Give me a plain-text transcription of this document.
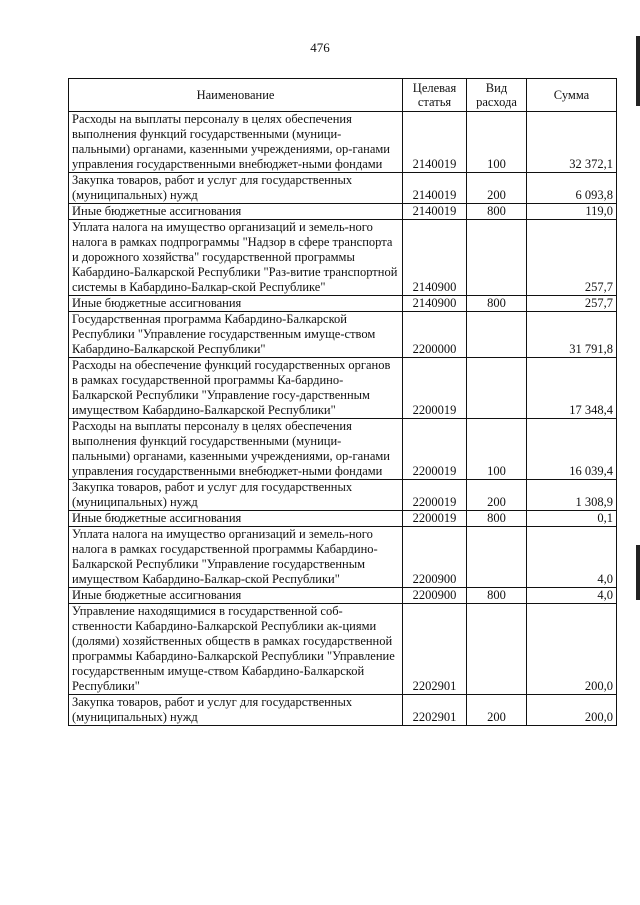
476
Наименование	Целевая статья	Вид расхода	Сумма
Расходы на выплаты персоналу в целях обеспечения выполнения функций государственными (муници-пальными) органами, казенными учреждениями, ор-ганами управления государственными внебюджет-ными фондами	2140019	100	32 372,1
Закупка товаров, работ и услуг для государственных (муниципальных) нужд	2140019	200	6 093,8
Иные бюджетные ассигнования	2140019	800	119,0
Уплата налога на имущество организаций и земель-ного налога в рамках подпрограммы "Надзор в сфере транспорта и дорожного хозяйства" государственной программы Кабардино-Балкарской Республики "Раз-витие транспортной системы в Кабардино-Балкар-ской Республике"	2140900		257,7
Иные бюджетные ассигнования	2140900	800	257,7
Государственная программа Кабардино-Балкарской Республики "Управление государственным имуще-ством Кабардино-Балкарской Республики"	2200000		31 791,8
Расходы на обеспечение функций государственных органов в рамках государственной программы Ка-бардино-Балкарской Республики "Управление госу-дарственным имуществом Кабардино-Балкарской Республики"	2200019		17 348,4
Расходы на выплаты персоналу в целях обеспечения выполнения функций государственными (муници-пальными) органами, казенными учреждениями, ор-ганами управления государственными внебюджет-ными фондами	2200019	100	16 039,4
Закупка товаров, работ и услуг для государственных (муниципальных) нужд	2200019	200	1 308,9
Иные бюджетные ассигнования	2200019	800	0,1
Уплата налога на имущество организаций и земель-ного налога в рамках государственной программы Кабардино-Балкарской Республики "Управление государственным имуществом Кабардино-Балкар-ской Республики"	2200900		4,0
Иные бюджетные ассигнования	2200900	800	4,0
Управление находящимися в государственной соб-ственности Кабардино-Балкарской Республики ак-циями (долями) хозяйственных обществ в рамках государственной программы Кабардино-Балкарской Республики "Управление государственным имуще-ством Кабардино-Балкарской Республики"	2202901		200,0
Закупка товаров, работ и услуг для государственных (муниципальных) нужд	2202901	200	200,0
